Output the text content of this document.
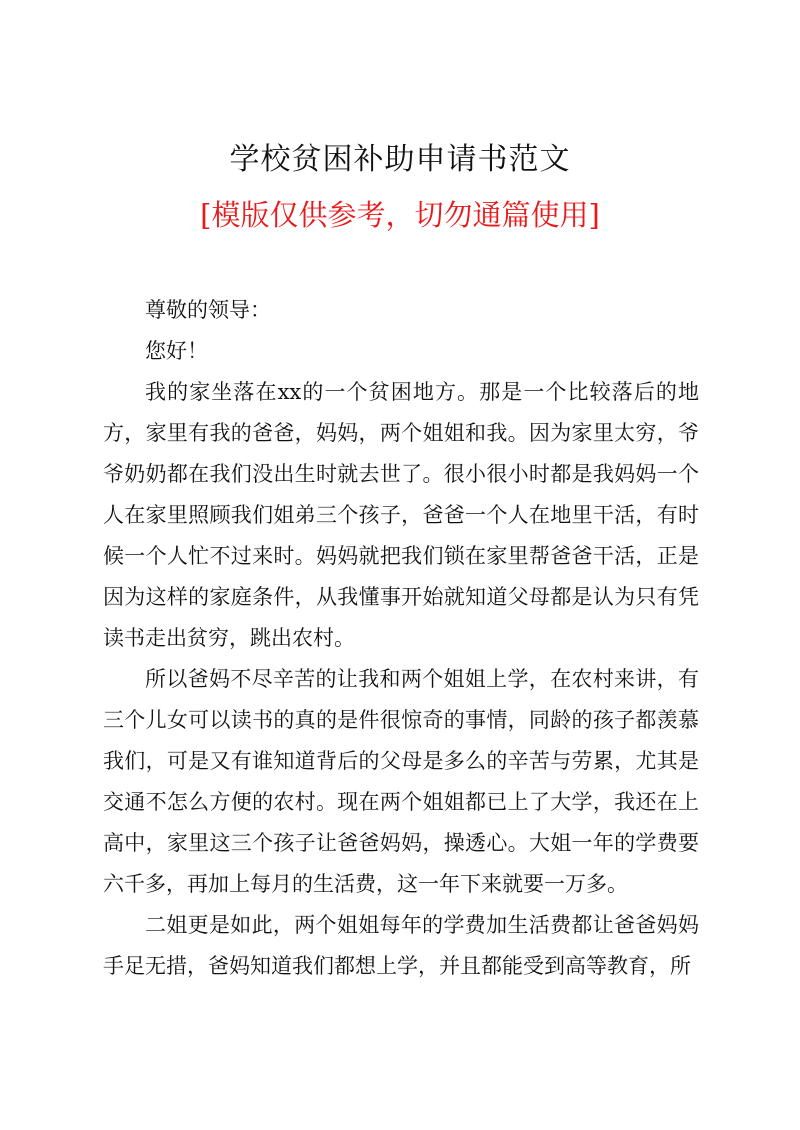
学校贫困补助申请书范文
[模版仅供参考，切勿通篇使用]

尊敬的领导：

您好！

我的家坐落在xx的一个贫困地方。那是一个比较落后的地方，家里有我的爸爸，妈妈，两个姐姐和我。因为家里太穷，爷爷奶奶都在我们没出生时就去世了。很小很小时都是我妈妈一个人在家里照顾我们姐弟三个孩子，爸爸一个人在地里干活，有时候一个人忙不过来时。妈妈就把我们锁在家里帮爸爸干活，正是因为这样的家庭条件，从我懂事开始就知道父母都是认为只有凭读书走出贫穷，跳出农村。

所以爸妈不尽辛苦的让我和两个姐姐上学，在农村来讲，有三个儿女可以读书的真的是件很惊奇的事情，同龄的孩子都羡慕我们，可是又有谁知道背后的父母是多么的辛苦与劳累，尤其是交通不怎么方便的农村。现在两个姐姐都已上了大学，我还在上高中，家里这三个孩子让爸爸妈妈，操透心。大姐一年的学费要六千多，再加上每月的生活费，这一年下来就要一万多。

二姐更是如此，两个姐姐每年的学费加生活费都让爸爸妈妈手足无措，爸妈知道我们都想上学，并且都能受到高等教育，所
